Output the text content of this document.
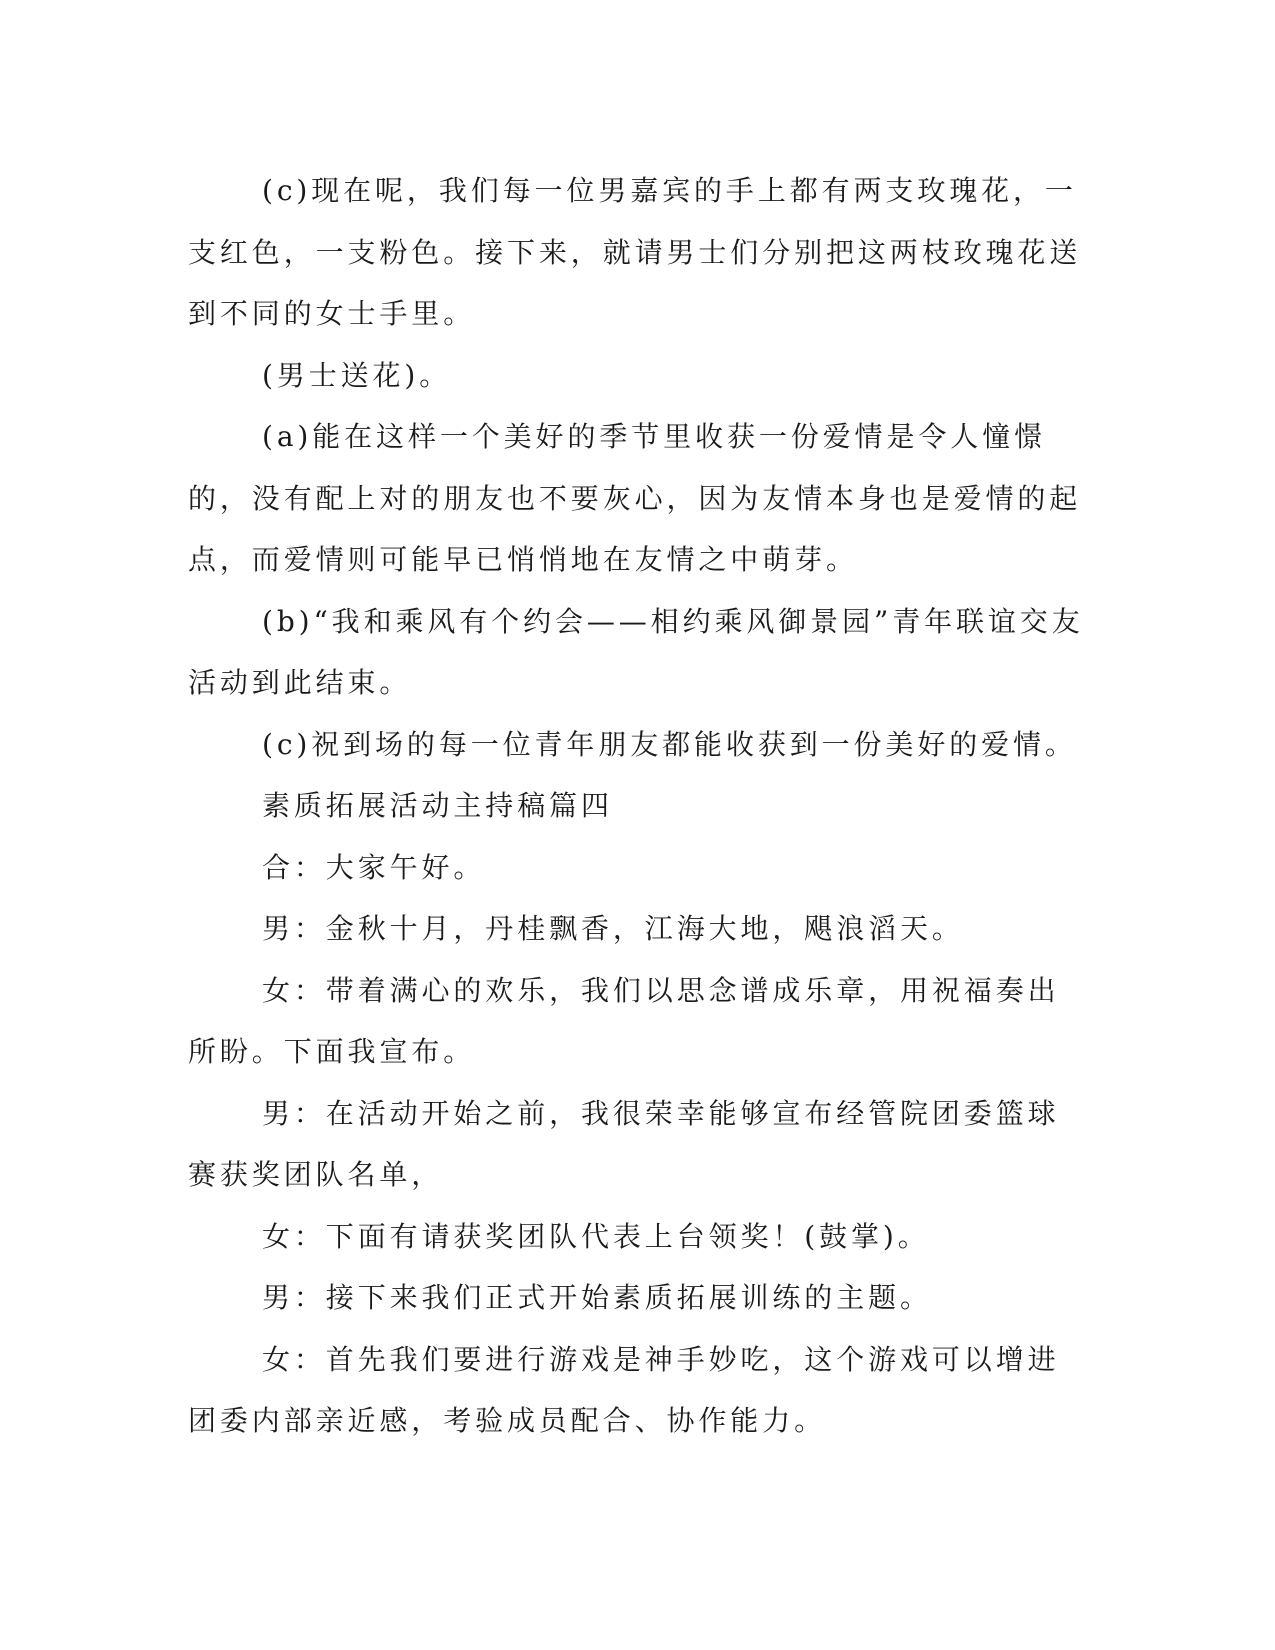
(c)现在呢，我们每一位男嘉宾的手上都有两支玫瑰花，一支红色，一支粉色。接下来，就请男士们分别把这两枝玫瑰花送到不同的女士手里。

(男士送花)。

(a)能在这样一个美好的季节里收获一份爱情是令人憧憬的，没有配上对的朋友也不要灰心，因为友情本身也是爱情的起点，而爱情则可能早已悄悄地在友情之中萌芽。

(b)“我和乘风有个约会——相约乘风御景园”青年联谊交友活动到此结束。

(c)祝到场的每一位青年朋友都能收获到一份美好的爱情。

素质拓展活动主持稿篇四

合：大家午好。

男：金秋十月，丹桂飘香，江海大地，飓浪滔天。

女：带着满心的欢乐，我们以思念谱成乐章，用祝福奏出所盼。下面我宣布。

男：在活动开始之前，我很荣幸能够宣布经管院团委篮球赛获奖团队名单，

女：下面有请获奖团队代表上台领奖！(鼓掌)。

男：接下来我们正式开始素质拓展训练的主题。

女：首先我们要进行游戏是神手妙吃，这个游戏可以增进团委内部亲近感，考验成员配合、协作能力。
